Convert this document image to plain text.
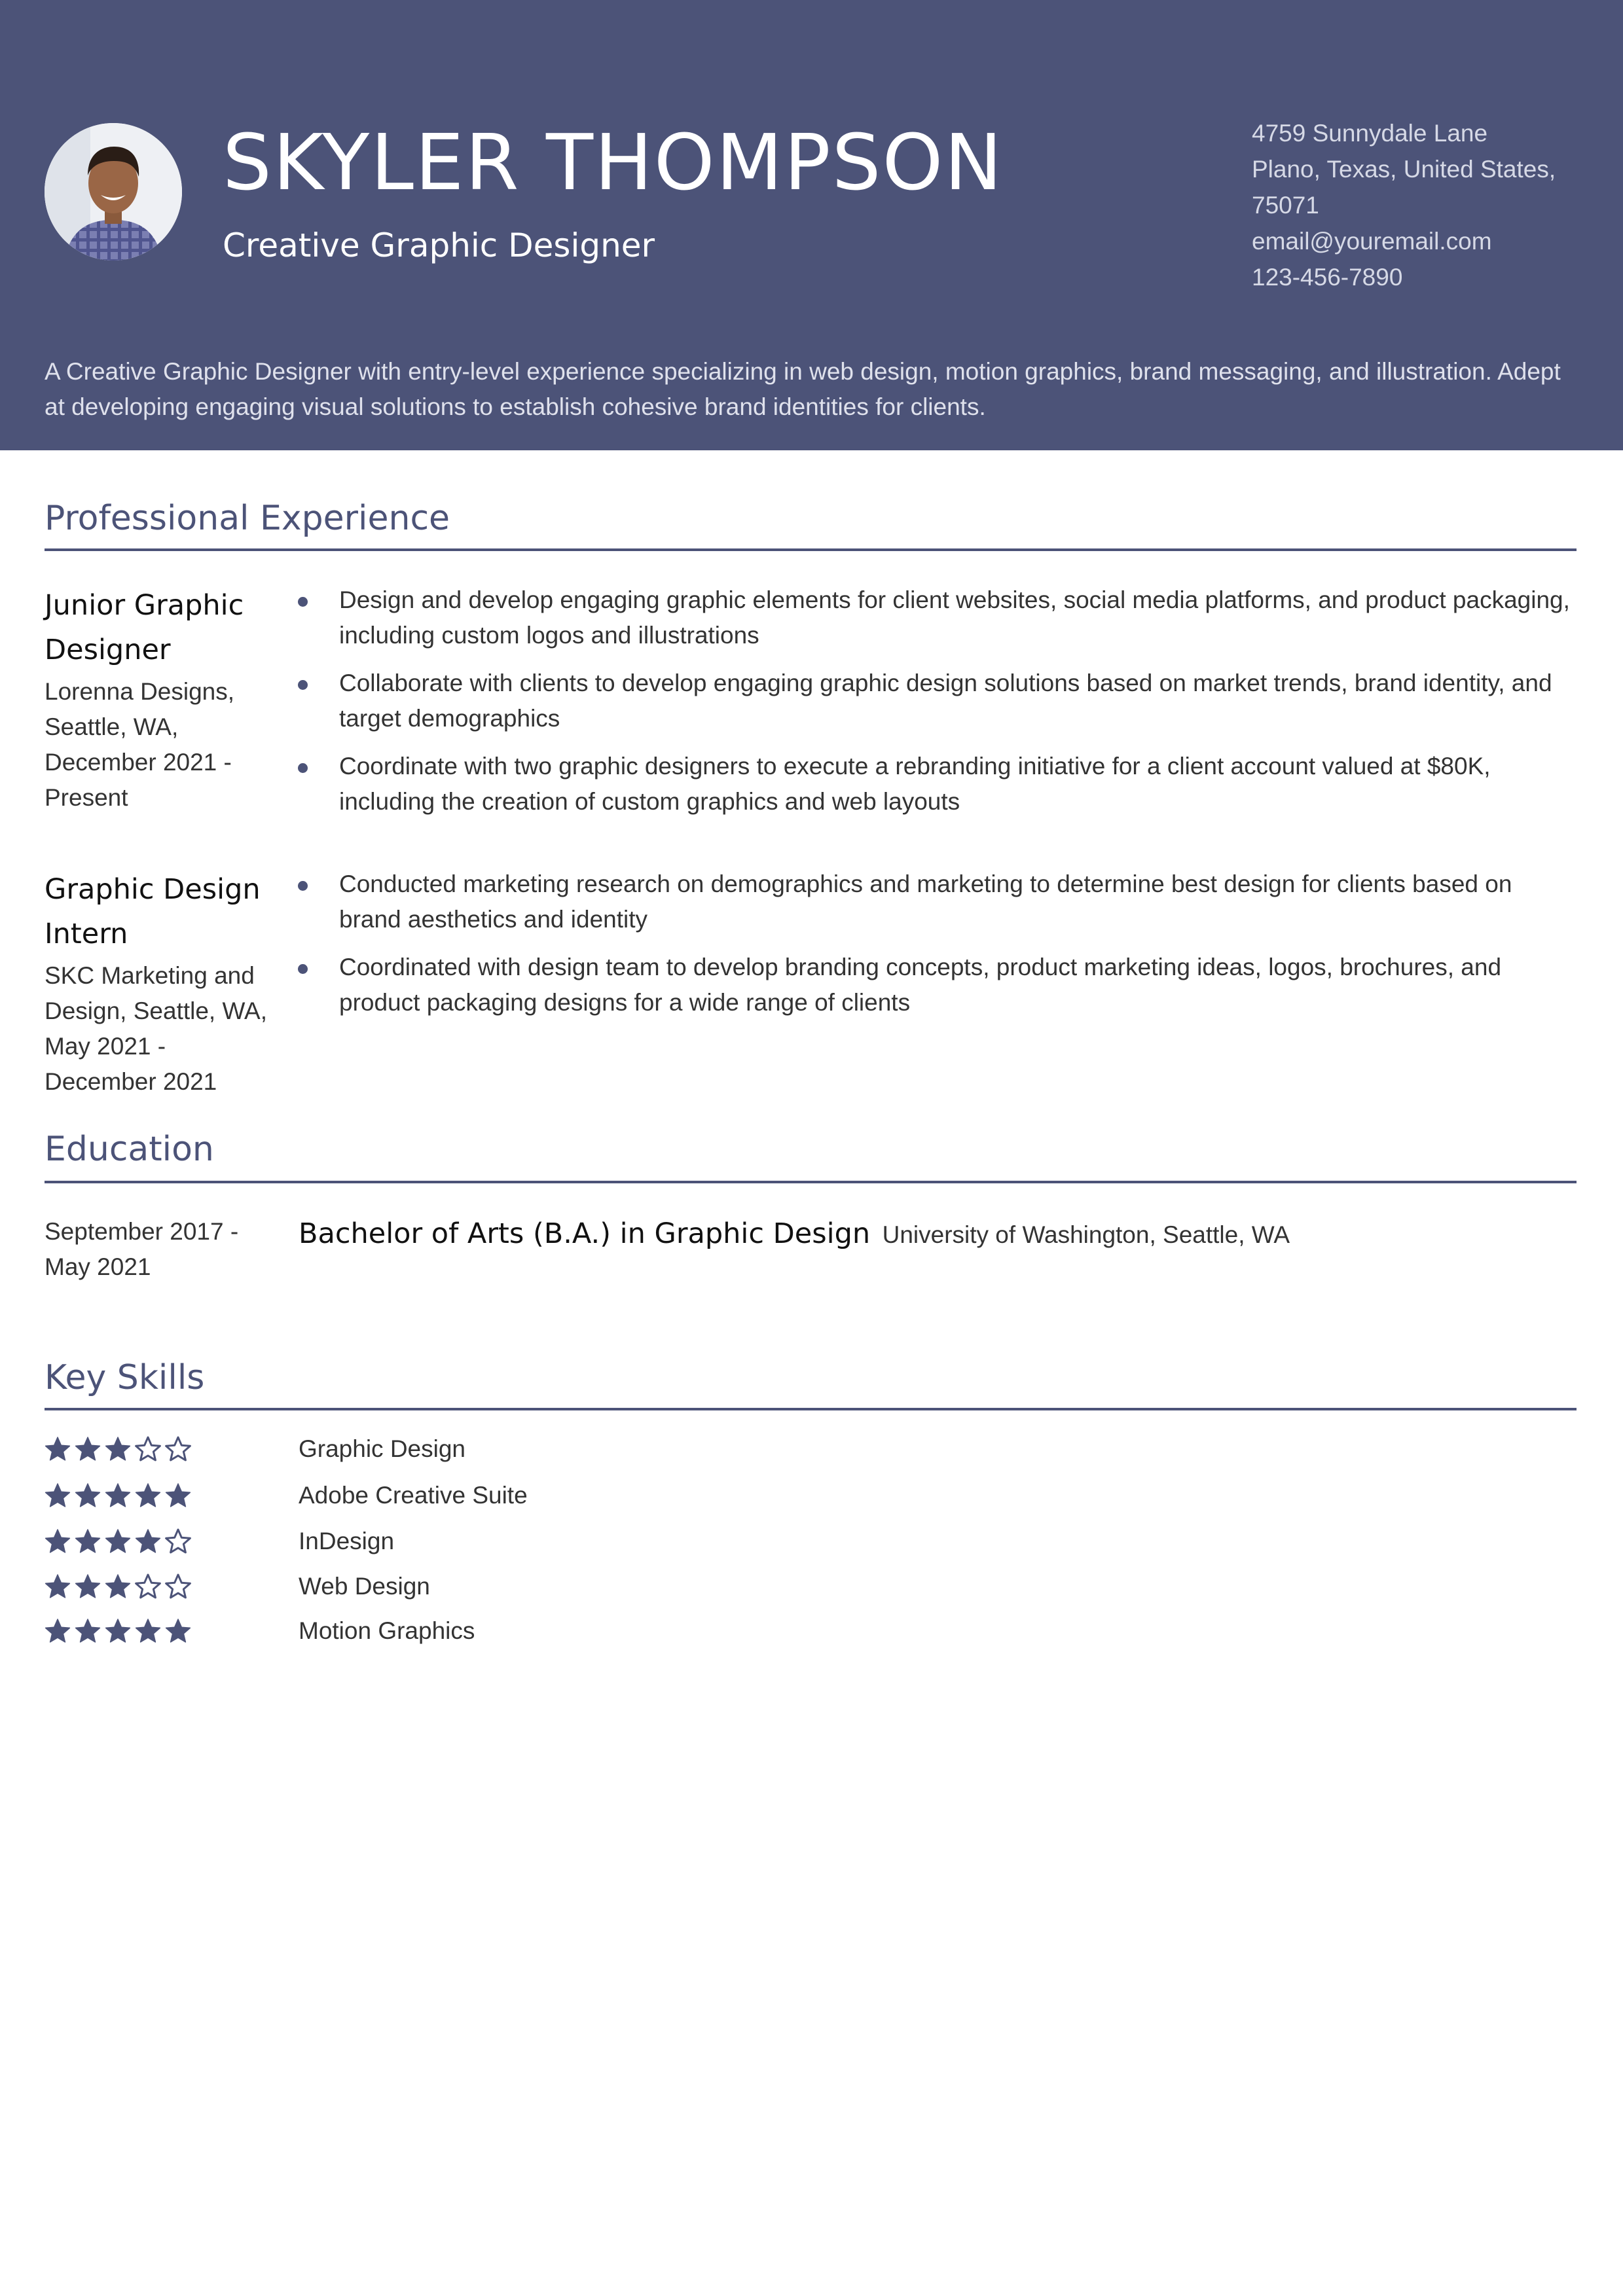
SKYLER THOMPSON
Creative Graphic Designer
4759 Sunnydale Lane
Plano, Texas, United States,
75071
email@youremail.com
123-456-7890
A Creative Graphic Designer with entry-level experience specializing in web design, motion graphics, brand messaging, and illustration. Adept at developing engaging visual solutions to establish cohesive brand identities for clients.
Professional Experience
Junior Graphic Designer
Lorenna Designs, Seattle, WA, December 2021 - Present
Design and develop engaging graphic elements for client websites, social media platforms, and product packaging, including custom logos and illustrations
Collaborate with clients to develop engaging graphic design solutions based on market trends, brand identity, and target demographics
Coordinate with two graphic designers to execute a rebranding initiative for a client account valued at $80K, including the creation of custom graphics and web layouts
Graphic Design Intern
SKC Marketing and Design, Seattle, WA, May 2021 - December 2021
Conducted marketing research on demographics and marketing to determine best design for clients based on brand aesthetics and identity
Coordinated with design team to develop branding concepts, product marketing ideas, logos, brochures, and product packaging designs for a wide range of clients
Education
September 2017 - May 2021
Bachelor of Arts (B.A.) in Graphic Design University of Washington, Seattle, WA
Key Skills
Graphic Design
Adobe Creative Suite
InDesign
Web Design
Motion Graphics
